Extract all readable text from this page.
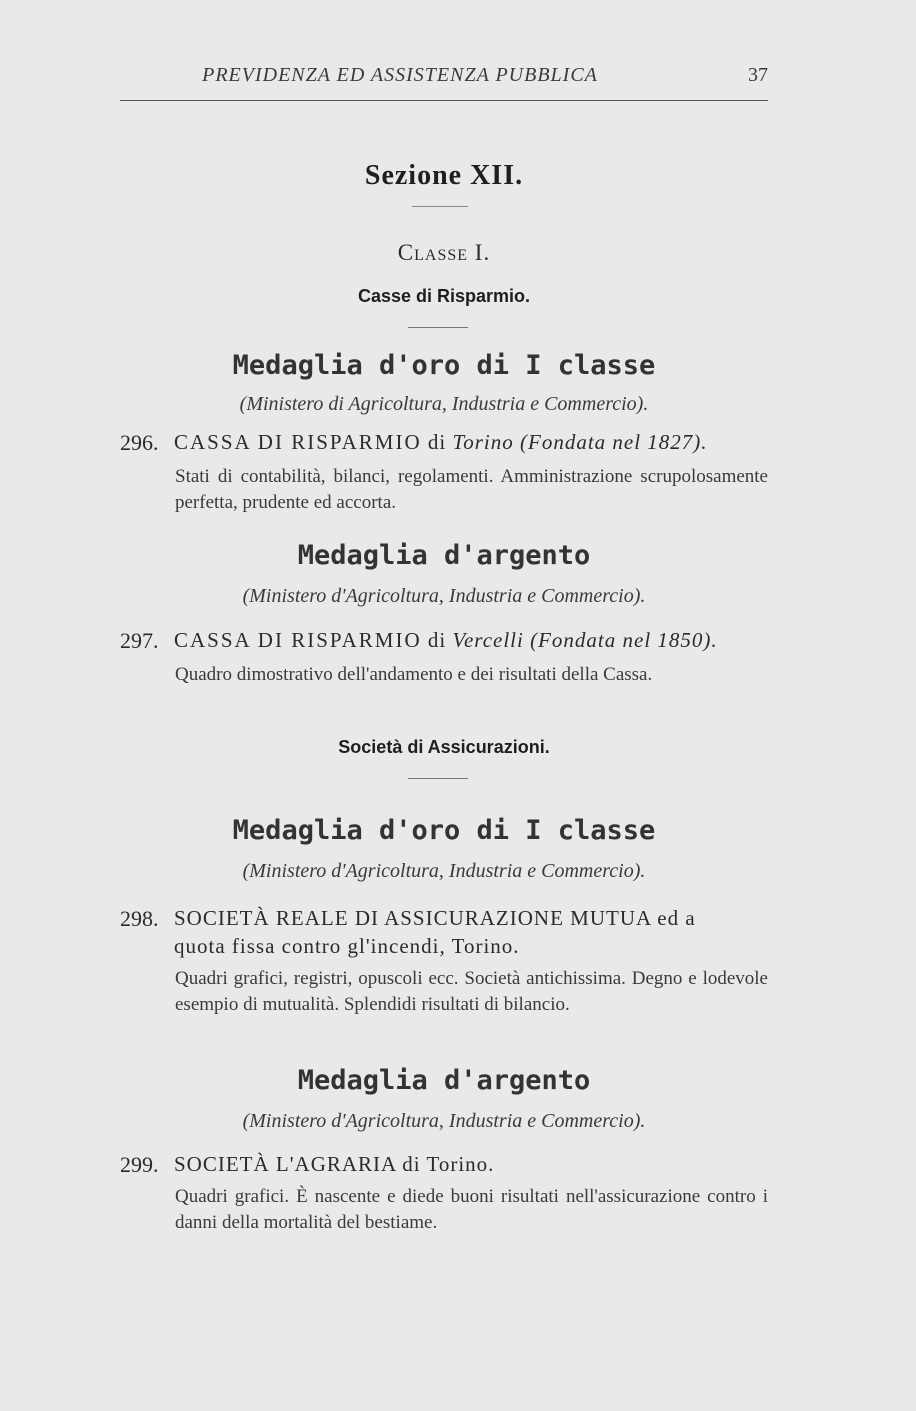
PREVIDENZA ED ASSISTENZA PUBBLICA	37
Sezione XII.
Classe I.
Casse di Risparmio.
Medaglia d'oro di I classe
(Ministero di Agricoltura, Industria e Commercio).
296. CASSA DI RISPARMIO di Torino (Fondata nel 1827).
Stati di contabilità, bilanci, regolamenti. Amministrazione scrupolosamente perfetta, prudente ed accorta.
Medaglia d'argento
(Ministero d'Agricoltura, Industria e Commercio).
297. CASSA DI RISPARMIO di Vercelli (Fondata nel 1850).
Quadro dimostrativo dell'andamento e dei risultati della Cassa.
Società di Assicurazioni.
Medaglia d'oro di I classe
(Ministero d'Agricoltura, Industria e Commercio).
298. SOCIETÀ REALE DI ASSICURAZIONE MUTUA ed a
quota fissa contro gl'incendi, Torino.
Quadri grafici, registri, opuscoli ecc. Società antichissima. Degno e lodevole esempio di mutualità. Splendidi risultati di bilancio.
Medaglia d'argento
(Ministero d'Agricoltura, Industria e Commercio).
299. SOCIETÀ L'AGRARIA di Torino.
Quadri grafici. È nascente e diede buoni risultati nell'assicurazione contro i danni della mortalità del bestiame.
